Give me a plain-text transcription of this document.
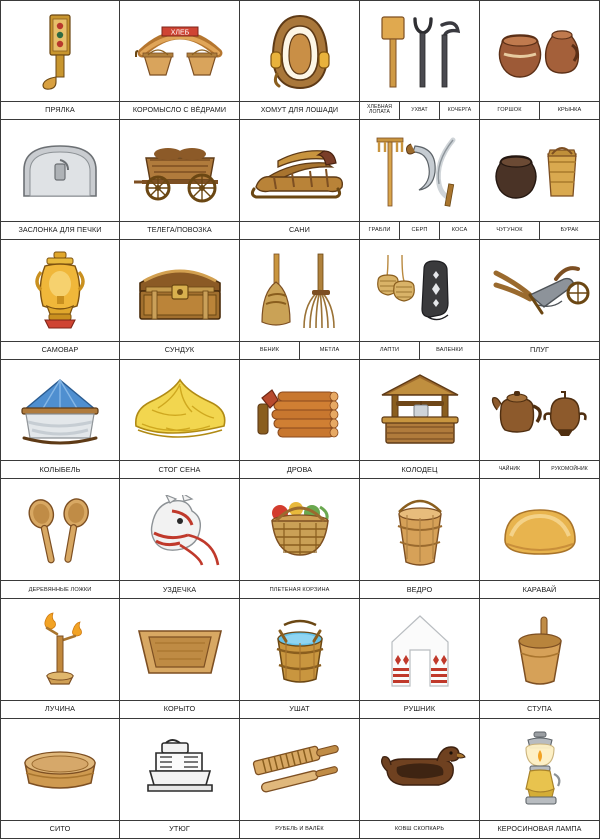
ПРЯЛКА
ХЛЕБ
КОРОМЫСЛО С ВЁДРАМИ	ХОМУТ ДЛЯ ЛОШАДИ	ХЛЕБНАЯ ЛОПАТА	УХВАТ	КОЧЕРГА	ГОРШОК	КРЫНКА
ЗАСЛОНКА ДЛЯ ПЕЧКИ	ТЕЛЕГА/ПОВОЗКА	САНИ	ГРАБЛИ	СЕРП	КОСА	ЧУГУНОК	БУРАК
САМОВАР	СУНДУК	ВЕНИК	МЕТЛА	ЛАПТИ	ВАЛЕНКИ	ПЛУГ
КОЛЫБЕЛЬ	СТОГ СЕНА	ДРОВА	КОЛОДЕЦ	ЧАЙНИК	РУКОМОЙНИК
ДЕРЕВЯННЫЕ ЛОЖКИ	УЗДЕЧКА	ПЛЕТЕНАЯ КОРЗИНА	ВЕДРО	КАРАВАЙ
ЛУЧИНА	КОРЫТО	УШАТ	РУШНИК	СТУПА
СИТО	УТЮГ	РУБЕЛЬ И ВАЛЁК	КОВШ СКОПКАРЬ	КЕРОСИНОВАЯ ЛАМПА
